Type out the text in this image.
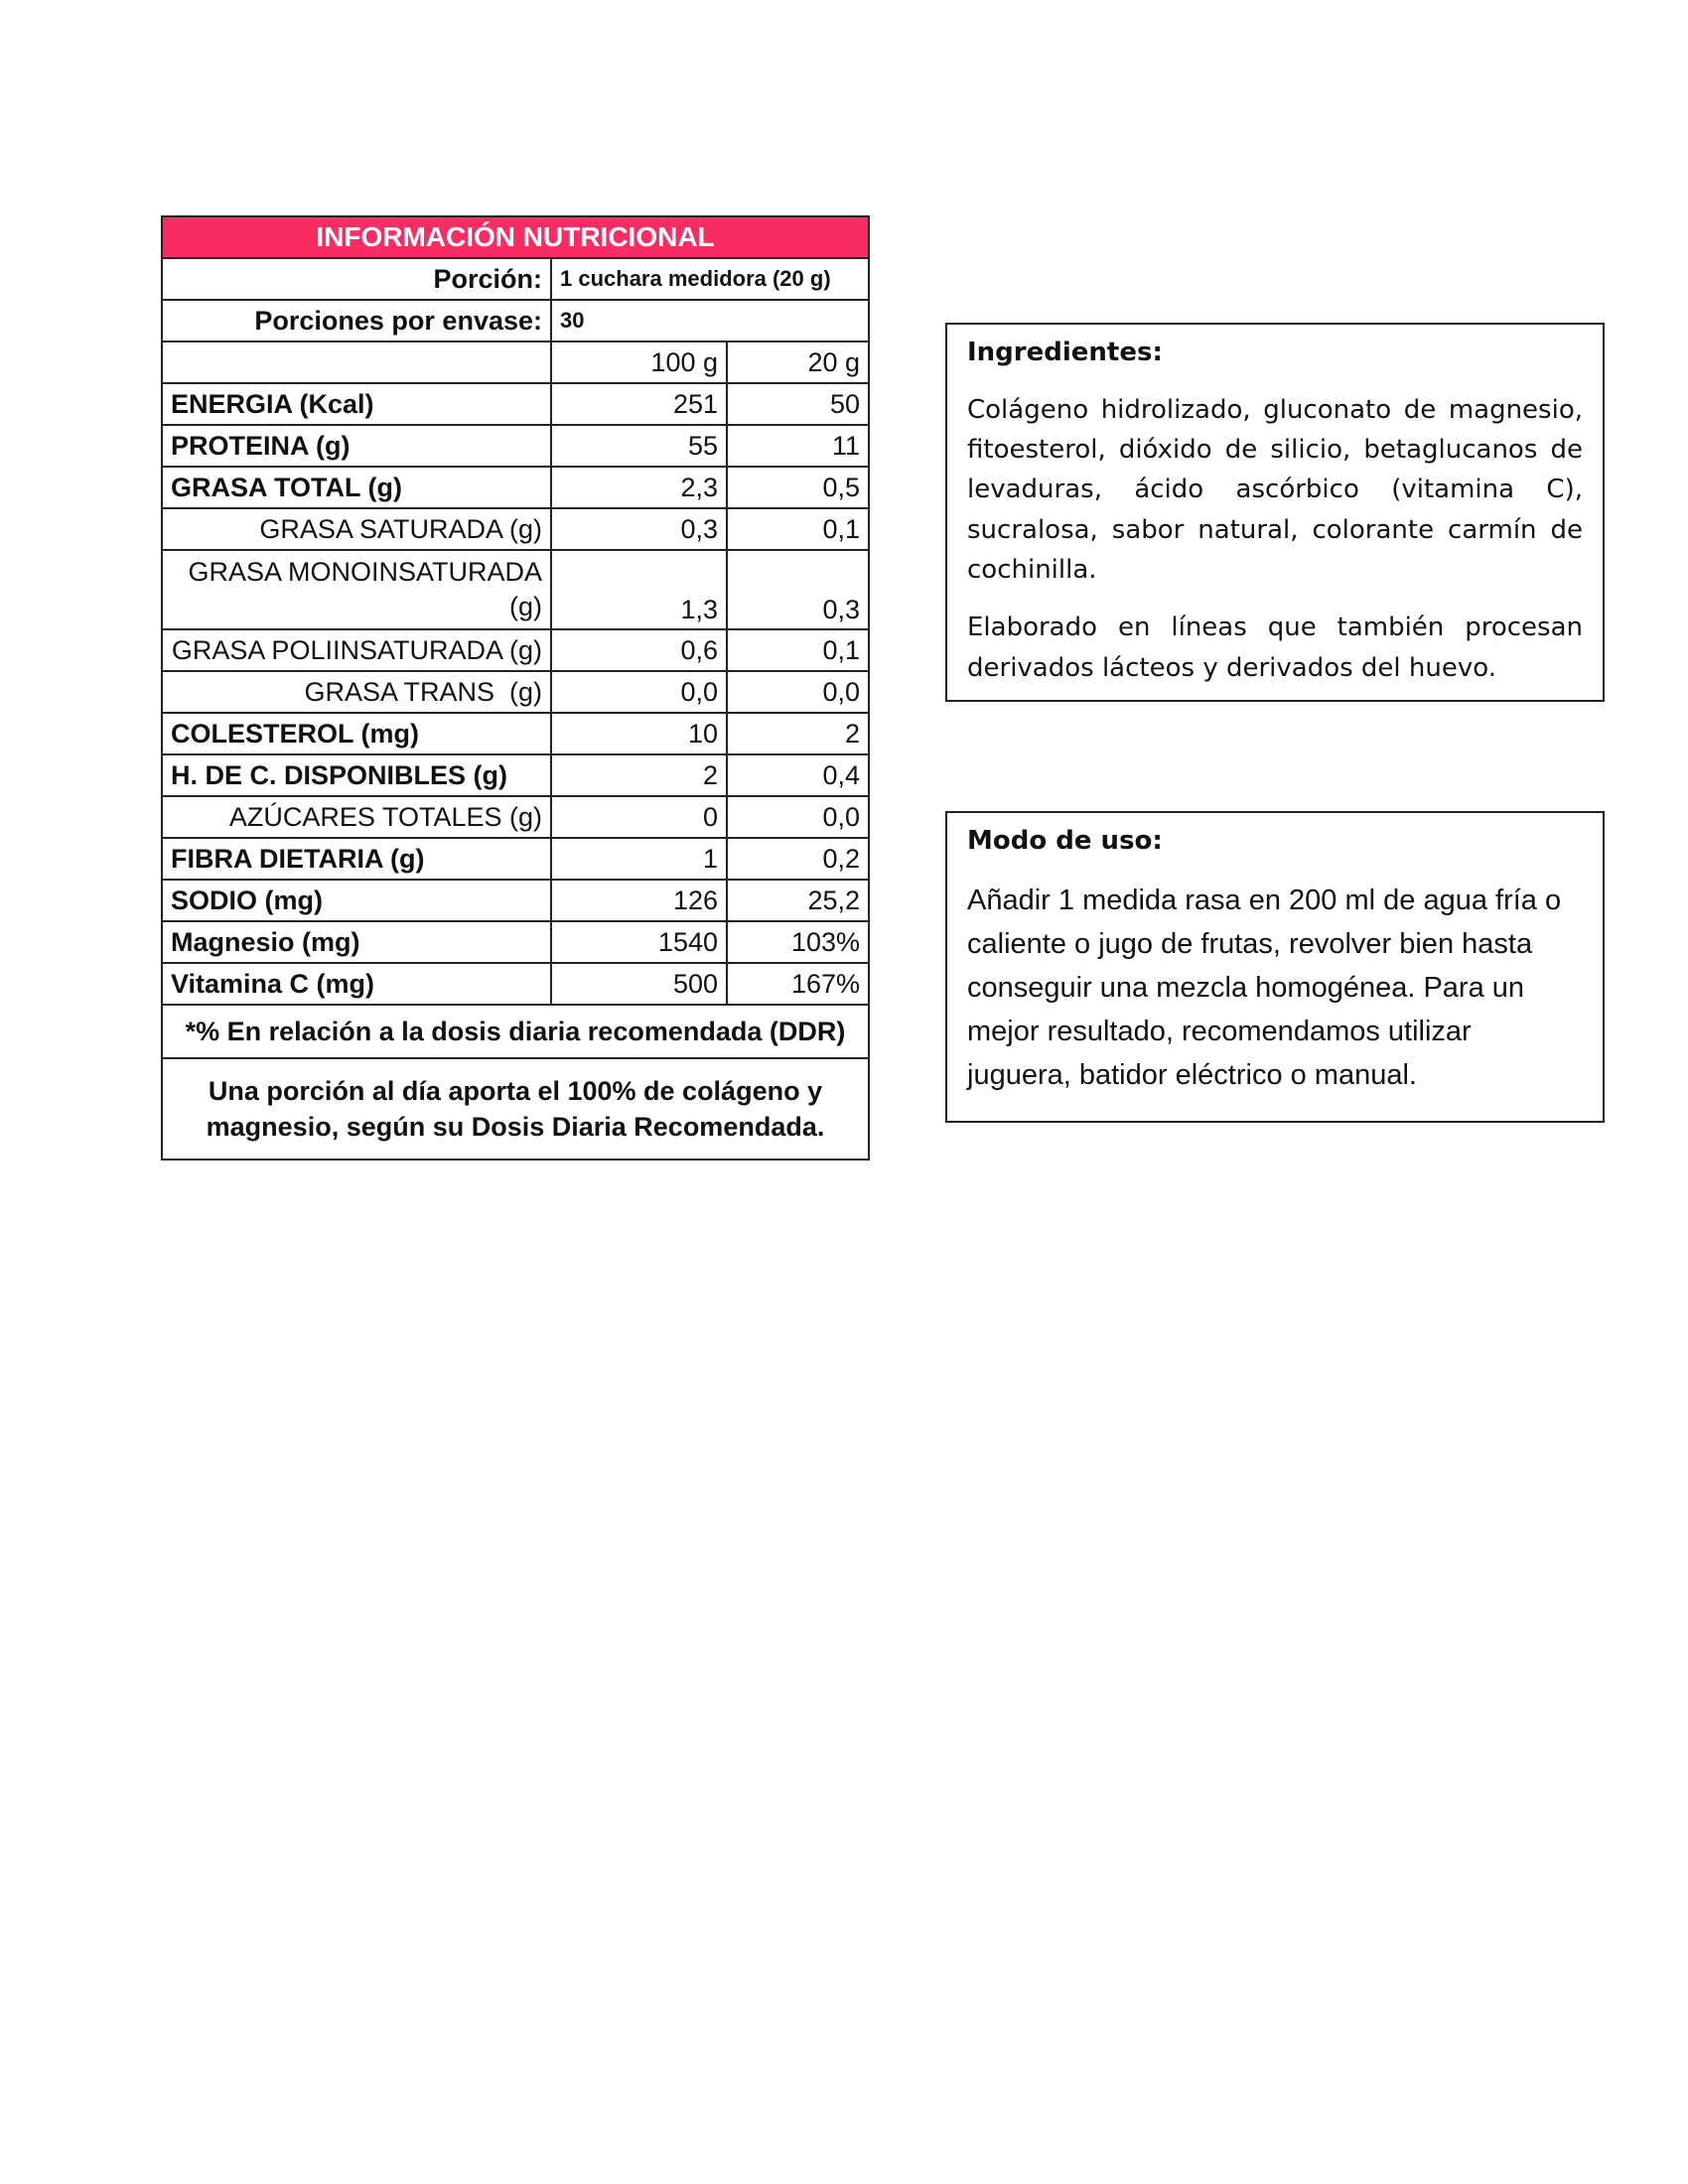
INFORMACIÓN NUTRICIONAL		
Porción:	1 cuchara medidora (20 g)	
Porciones por envase:	30	
	100 g	20 g
ENERGIA (Kcal)	251	50
PROTEINA (g)	55	11
GRASA TOTAL (g)	2,3	0,5
GRASA SATURADA (g)	0,3	0,1
GRASA MONOINSATURADA
(g)	1,3	0,3
GRASA POLIINSATURADA (g)	0,6	0,1
GRASA TRANS  (g)	0,0	0,0
COLESTEROL (mg)	10	2
H. DE C. DISPONIBLES (g)	2	0,4
AZÚCARES TOTALES (g)	0	0,0
FIBRA DIETARIA (g)	1	0,2
SODIO (mg)	126	25,2
Magnesio (mg)	1540	103%
Vitamina C (mg)	500	167%
*% En relación a la dosis diaria recomendada (DDR)		
Una porción al día aporta el 100% de colágeno y magnesio, según su Dosis Diaria Recomendada.		

Ingredientes:

Colágeno hidrolizado, gluconato de magnesio, fitoesterol, dióxido de silicio, betaglucanos de levaduras, ácido ascórbico (vitamina C), sucralosa, sabor natural, colorante carmín de cochinilla.

Elaborado en líneas que también procesan derivados lácteos y derivados del huevo.

Modo de uso:

Añadir 1 medida rasa en 200 ml de agua fría o caliente o jugo de frutas, revolver bien hasta conseguir una mezcla homogénea. Para un mejor resultado, recomendamos utilizar juguera, batidor eléctrico o manual.
